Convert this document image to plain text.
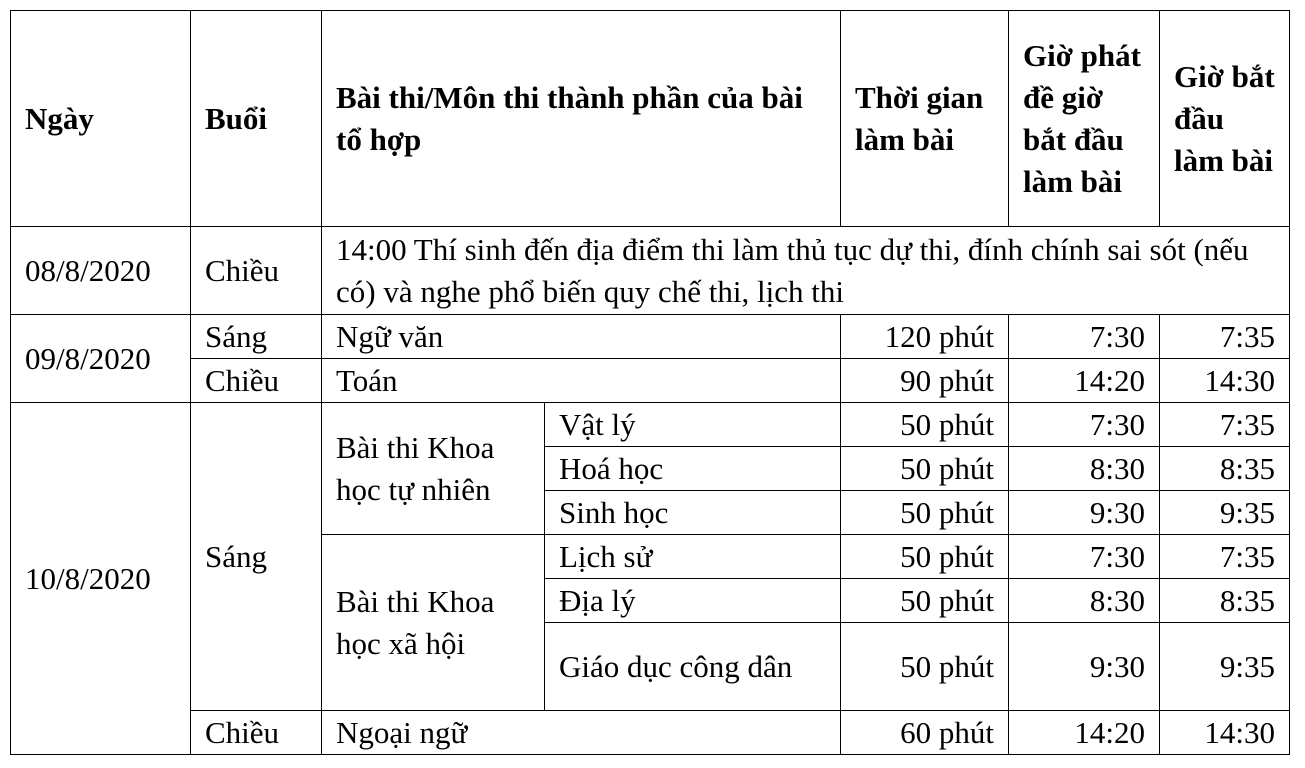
Ngày	Buổi	Bài thi/Môn thi thành phần của bài tổ hợp		Thời gian làm bài	Giờ phát đề giờ bắt đầu làm bài	Giờ bắt đầu làm bài
08/8/2020	Chiều	14:00 Thí sinh đến địa điểm thi làm thủ tục dự thi, đính chính sai sót (nếu có) và nghe phổ biến quy chế thi, lịch thi				
09/8/2020	Sáng	Ngữ văn		120 phút	7:30	7:35
	Chiều	Toán		90 phút	14:20	14:30
10/8/2020	Sáng	Bài thi Khoa học tự nhiên	Vật lý	50 phút	7:30	7:35
			Hoá học	50 phút	8:30	8:35
			Sinh học	50 phút	9:30	9:35
		Bài thi Khoa học xã hội	Lịch sử	50 phút	7:30	7:35
			Địa lý	50 phút	8:30	8:35
			Giáo dục công dân	50 phút	9:30	9:35
	Chiều	Ngoại ngữ		60 phút	14:20	14:30
